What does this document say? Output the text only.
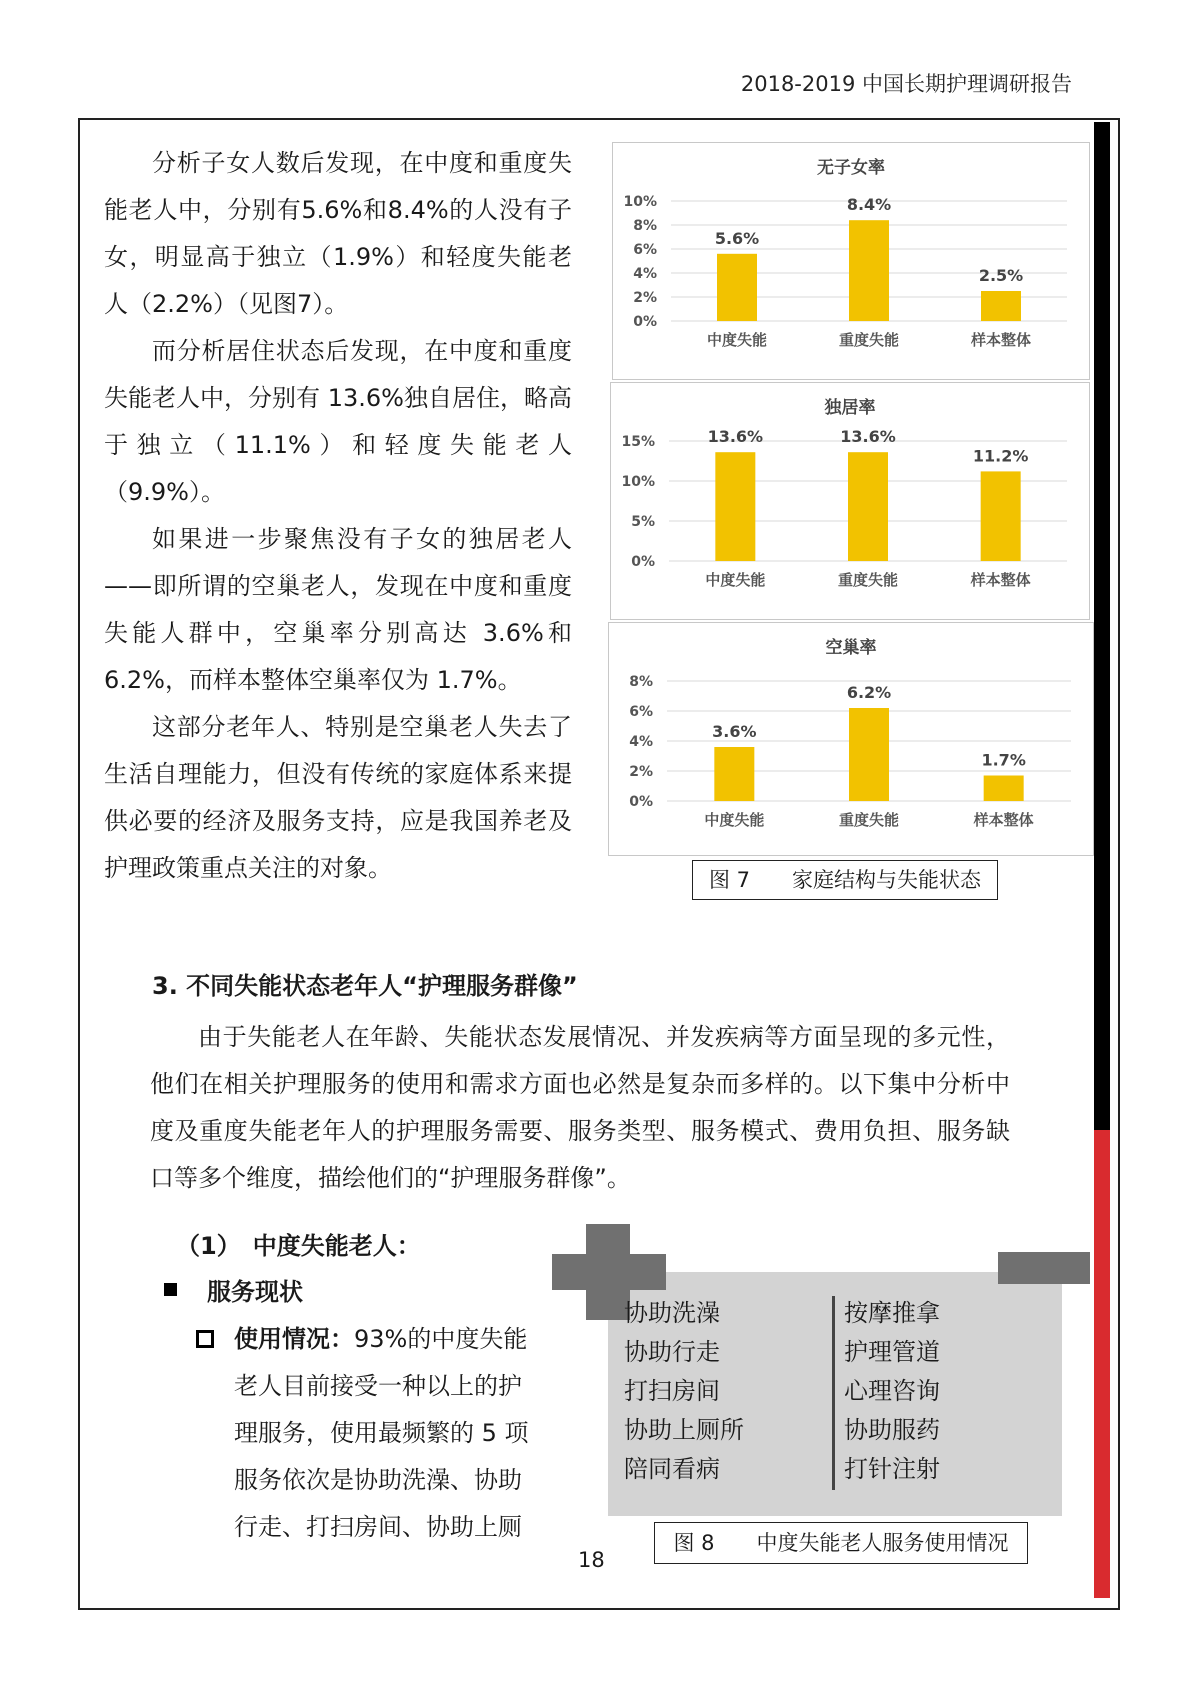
2018-2019 中国长期护理调研报告

分析子女人数后发现，在中度和重度失能老人中，分别有5.6%和8.4%的人没有子女，明显高于独立（1.9%）和轻度失能老人（2.2%）（见图7）。

而分析居住状态后发现，在中度和重度失能老人中，分别有 13.6%独自居住，略高于独立（11.1%）和轻度失能老人（9.9%）。

如果进一步聚焦没有子女的独居老人——即所谓的空巢老人，发现在中度和重度失能人群中，空巢率分别高达 3.6%和6.2%，而样本整体空巢率仅为 1.7%。

这部分老年人、特别是空巢老人失去了生活自理能力，但没有传统的家庭体系来提供必要的经济及服务支持，应是我国养老及护理政策重点关注的对象。

无子女率
0%
2%
4%
6%
8%
10%
5.6%
中度失能
8.4%
重度失能
2.5%
样本整体
独居率
0%
5%
10%
15%	13.6%
中度失能
13.6%
重度失能
11.2%
样本整体
空巢率
0%
2%
4%
6%
8%
3.6%
中度失能
6.2%
重度失能
1.7%
样本整体
图 7　　家庭结构与失能状态
3. 不同失能状态老年人“护理服务群像”

由于失能老人在年龄、失能状态发展情况、并发疾病等方面呈现的多元性，他们在相关护理服务的使用和需求方面也必然是复杂而多样的。以下集中分析中度及重度失能老年人的护理服务需要、服务类型、服务模式、费用负担、服务缺口等多个维度，描绘他们的“护理服务群像”。

（1）　中度失能老人：
服务现状
使用情况：93%的中度失能
老人目前接受一种以上的护
理服务，使用最频繁的 5 项
服务依次是协助洗澡、协助
行走、打扫房间、协助上厕
协助洗澡
协助行走
打扫房间
协助上厕所
陪同看病
按摩推拿
护理管道
心理咨询
协助服药
打针注射
图 8　　中度失能老人服务使用情况
18
